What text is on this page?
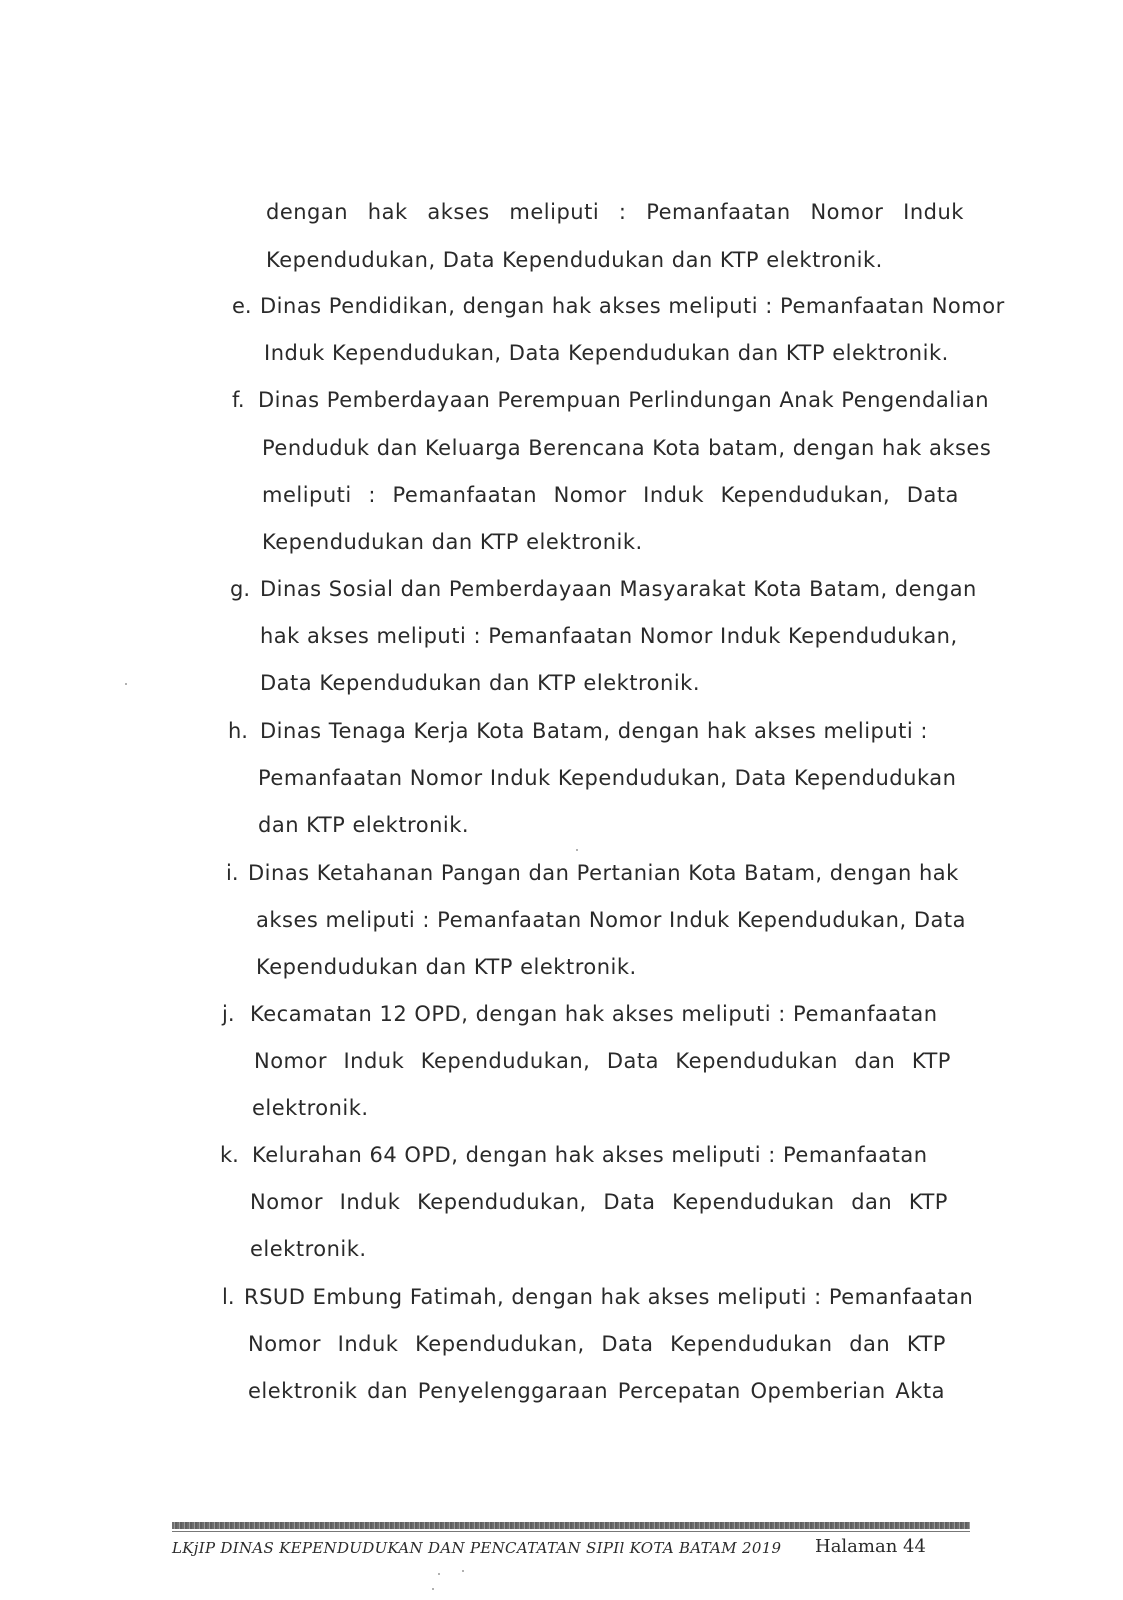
dengan hak akses meliputi : Pemanfaatan Nomor Induk
Kependudukan, Data Kependudukan dan KTP elektronik.
e. Dinas Pendidikan, dengan hak akses meliputi : Pemanfaatan Nomor
Induk Kependudukan, Data Kependudukan dan KTP elektronik.
f. Dinas Pemberdayaan Perempuan Perlindungan Anak Pengendalian
Penduduk dan Keluarga Berencana Kota batam, dengan hak akses
meliputi : Pemanfaatan Nomor Induk Kependudukan, Data
Kependudukan dan KTP elektronik.
g. Dinas Sosial dan Pemberdayaan Masyarakat Kota Batam, dengan
hak akses meliputi : Pemanfaatan Nomor Induk Kependudukan,
Data Kependudukan dan KTP elektronik.
h. Dinas Tenaga Kerja Kota Batam, dengan hak akses meliputi :
Pemanfaatan Nomor Induk Kependudukan, Data Kependudukan
dan KTP elektronik.
i. Dinas Ketahanan Pangan dan Pertanian Kota Batam, dengan hak
akses meliputi : Pemanfaatan Nomor Induk Kependudukan, Data
Kependudukan dan KTP elektronik.
j. Kecamatan 12 OPD, dengan hak akses meliputi : Pemanfaatan
Nomor Induk Kependudukan, Data Kependudukan dan KTP
elektronik.
k. Kelurahan 64 OPD, dengan hak akses meliputi : Pemanfaatan
Nomor Induk Kependudukan, Data Kependudukan dan KTP
elektronik.
l. RSUD Embung Fatimah, dengan hak akses meliputi : Pemanfaatan
Nomor Induk Kependudukan, Data Kependudukan dan KTP
elektronik dan Penyelenggaraan Percepatan Opemberian Akta
LKjIP DINAS KEPENDUDUKAN DAN PENCATATAN SIPIl KOTA BATAM 2019 Halaman 44
